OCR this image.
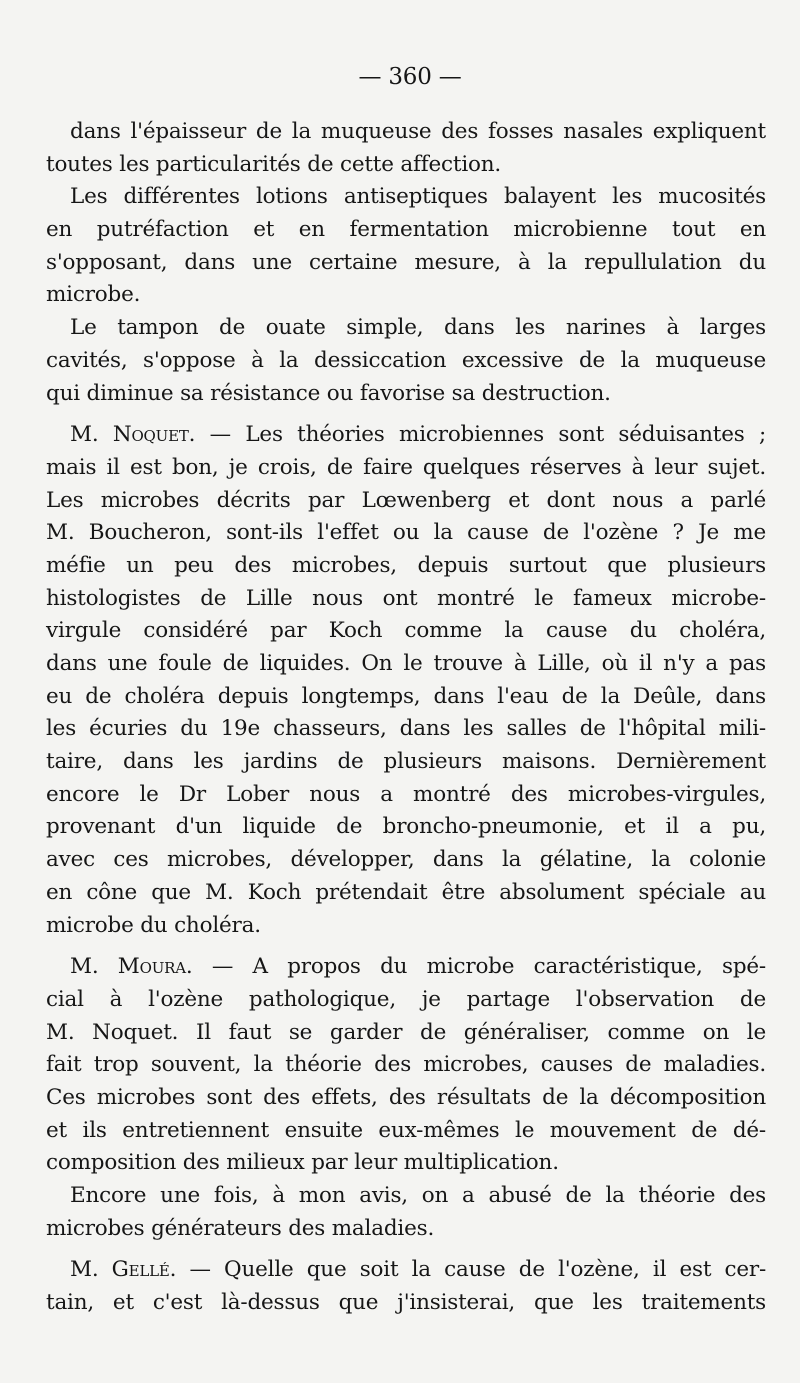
— 360 —
dans l'épaisseur de la muqueuse des fosses nasales expliquent
toutes les particularités de cette affection.
Les différentes lotions antiseptiques balayent les mucosités
en putréfaction et en fermentation microbienne tout en
s'opposant, dans une certaine mesure, à la repullulation du
microbe.
Le tampon de ouate simple, dans les narines à larges
cavités, s'oppose à la dessiccation excessive de la muqueuse
qui diminue sa résistance ou favorise sa destruction.
M. Noquet. — Les théories microbiennes sont séduisantes ;
mais il est bon, je crois, de faire quelques réserves à leur sujet.
Les microbes décrits par Lœwenberg et dont nous a parlé
M. Boucheron, sont-ils l'effet ou la cause de l'ozène ? Je me
méfie un peu des microbes, depuis surtout que plusieurs
histologistes de Lille nous ont montré le fameux microbe-
virgule considéré par Koch comme la cause du choléra,
dans une foule de liquides. On le trouve à Lille, où il n'y a pas
eu de choléra depuis longtemps, dans l'eau de la Deûle, dans
les écuries du 19e chasseurs, dans les salles de l'hôpital mili-
taire, dans les jardins de plusieurs maisons. Dernièrement
encore le Dr Lober nous a montré des microbes-virgules,
provenant d'un liquide de broncho-pneumonie, et il a pu,
avec ces microbes, développer, dans la gélatine, la colonie
en cône que M. Koch prétendait être absolument spéciale au
microbe du choléra.
M. Moura. — A propos du microbe caractéristique, spé-
cial à l'ozène pathologique, je partage l'observation de
M. Noquet. Il faut se garder de généraliser, comme on le
fait trop souvent, la théorie des microbes, causes de maladies.
Ces microbes sont des effets, des résultats de la décomposition
et ils entretiennent ensuite eux-mêmes le mouvement de dé-
composition des milieux par leur multiplication.
Encore une fois, à mon avis, on a abusé de la théorie des
microbes générateurs des maladies.
M. Gellé. — Quelle que soit la cause de l'ozène, il est cer-
tain, et c'est là-dessus que j'insisterai, que les traitements
